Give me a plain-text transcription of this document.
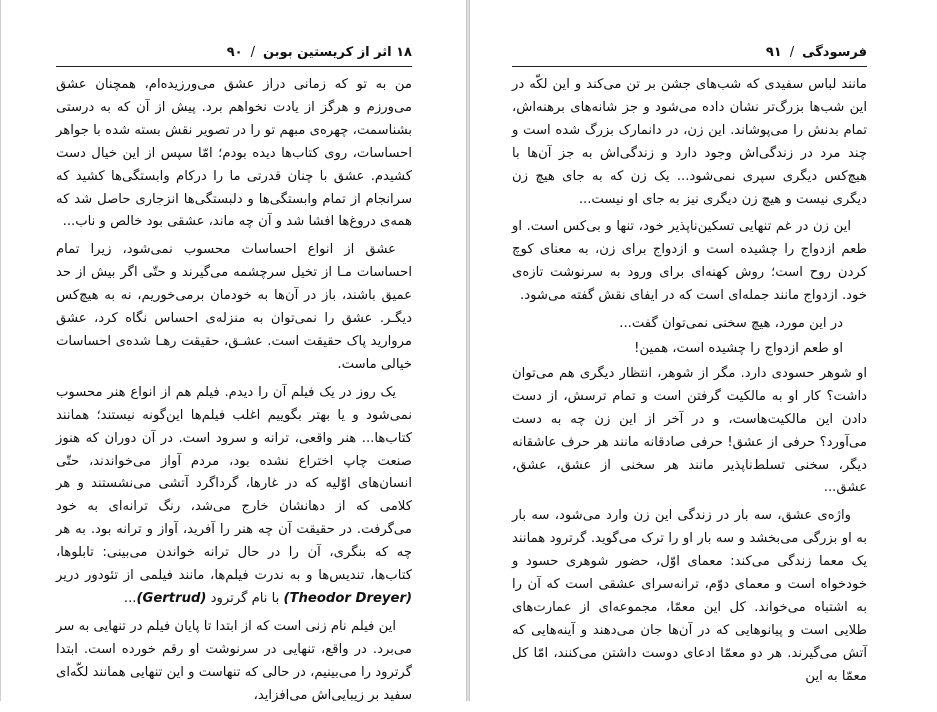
۱۸ اثر از کریستین بوبن
/
۹۰

من به تو که زمانی دراز عشق می‌ورزیده‌ام، همچنان عشق می‌ورزم و هرگز از یادت نخواهم برد. پیش از آن که به درستی بشناسمت، چهره‌ی مبهم تو را در تصویر نقش بسته شده با جواهر احساسات، روی کتاب‌ها دیده بودم؛ امّا سپس از این خیال دست کشیدم. عشق با چنان قدرتی ما را درکام وابستگی‌ها کشید که سرانجام از تمام وابستگی‌ها و دلبستگی‌ها انزجاری حاصل شد که همه‌ی دروغ‌ها افشا شد و آن چه ماند، عشقی بود خالص و ناب...

عشق از انواع احساسات محسوب نمی‌شود، زیرا تمام احساسات مـا از تخیل سرچشمه می‌گیرند و حتّی اگر بیش از حد عمیق باشند، باز در آن‌ها به خودمان برمی‌خوریم، نه به هیچ‌کس دیگـر. عشق را نمی‌توان به منزله‌ی احساس نگاه کرد، عشق مروارید پاک حقیقت است. عشـق، حقیقت رهـا شده‌ی احساسات خیالی ماست.

یک روز در یک فیلم آن را دیدم. فیلم هم از انواع هنر محسوب نمی‌شود و یا بهتر بگوییم اغلب فیلم‌ها این‌گونه نیستند؛ همانند کتاب‌ها... هنر واقعی، ترانه و سرود است. در آن دوران که هنوز صنعت چاپ اختراع نشده بود، مردم آواز می‌خواندند، حتّی انسان‌های اوّلیه که در غارها، گرداگرد آتشی می‌نشستند و هر کلامی که از دهانشان خارج می‌شد، رنگ ترانه‌ای به خود می‌گرفت. در حقیقت آن چه هنر را آفرید، آواز و ترانه بود. به هر چه که بنگری، آن را در حال ترانه خواندن می‌بینی: تابلوها، کتاب‌ها، تندیس‌ها و به ندرت فیلم‌ها، مانند فیلمی از تئودور دریر (Theodor Dreyer) با نام گرترود (Gertrud)...

این فیلم نام زنی است که از ابتدا تا پایان فیلم در تنهایی به سر می‌برد. در واقع، تنهایی در سرنوشت او رقم خورده است. ابتدا گرترود را می‌بینیم، در حالی که تنهاست و این تنهایی همانند لکّه‌ای سفید بر زیبایی‌اش می‌افزاید،

فرسودگی
/
۹۱

مانند لباس سفیدی که شب‌های جشن بر تن می‌کند و این لکّه در این شب‌ها بزرگ‌تر نشان داده می‌شود و جز شانه‌های برهنه‌اش، تمام بدنش را می‌پوشاند. این زن، در دانمارک بزرگ شده است و چند مرد در زندگی‌اش وجود دارد و زندگی‌اش به جز آن‌ها با هیچ‌کس دیگری سپری نمی‌شود... یک زن که به جای هیچ زن دیگری نیست و هیچ زن دیگری نیز به جای او نیست...

این زن در غم تنهایی تسکین‌ناپذیر خود، تنها و بی‌کس است. او طعم ازدواج را چشیده است و ازدواج برای زن، به معنای کوچ کردن روح است؛ روش کهنه‌ای برای ورود به سرنوشت تازه‌ی خود. ازدواج مانند جمله‌ای است که در ایفای نقش گفته می‌شود.

در این مورد، هیچ سخنی نمی‌توان گفت...

او طعم ازدواج را چشیده است، همین!

او شوهر حسودی دارد. مگر از شوهر، انتظار دیگری هم می‌توان داشت؟ کار او به مالکیت گرفتن است و تمام ترسش، از دست دادن این مالکیت‌هاست، و در آخر از این زن چه به دست می‌آورد؟ حرفی از عشق! حرفی صادقانه مانند هر حرف عاشقانه دیگر، سخنی تسلط‌ناپذیر مانند هر سخنی از عشق، عشق، عشق...

واژه‌ی عشق، سه بار در زندگی این زن وارد می‌شود، سه بار به او بزرگی می‌بخشد و سه بار او را ترک می‌گوید. گرترود همانند یک معما زندگی می‌کند: معمای اوّل، حضور شوهری حسود و خودخواه است و معمای دوّم، ترانه‌سرای عشقی است که آن را به اشتباه می‌خواند. کل این معمّا، مجموعه‌ای از عمارت‌های طلایی است و پیانوهایی که در آن‌ها جان می‌دهند و آینه‌هایی که آتش می‌گیرند. هر دو معمّا ادعای دوست داشتن می‌کنند، امّا کل معمّا به این
